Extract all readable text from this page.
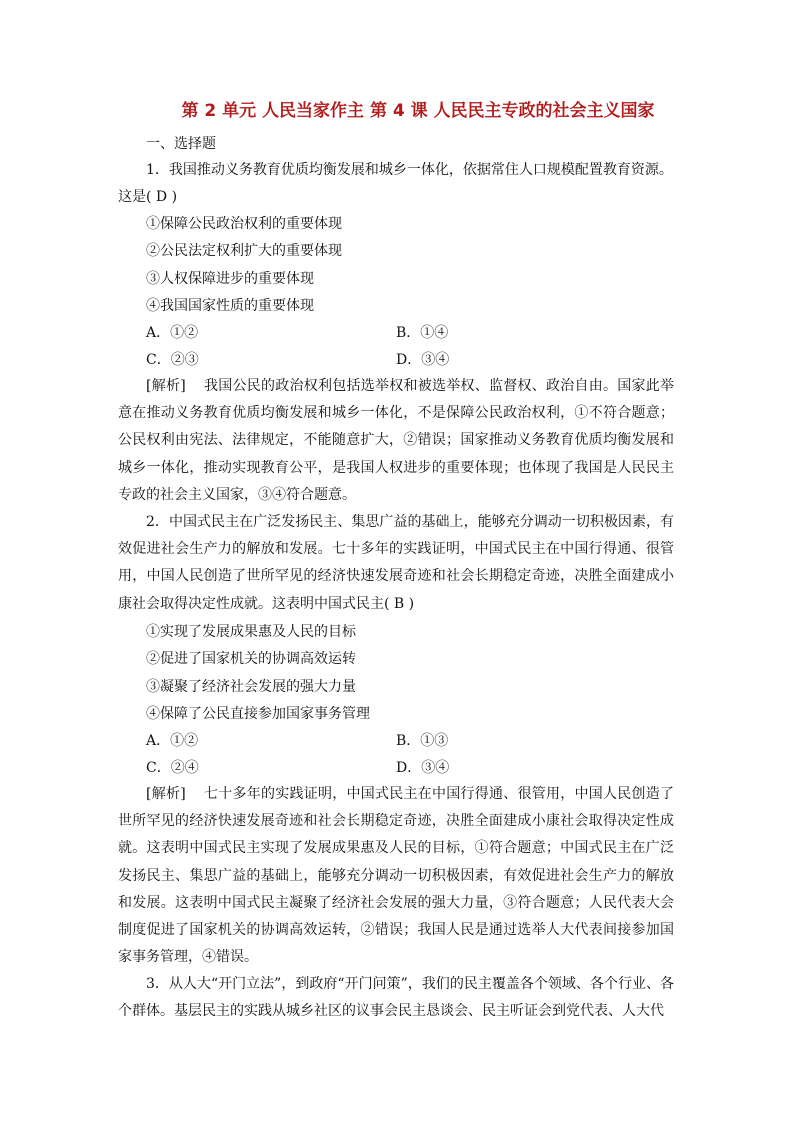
第 2 单元 人民当家作主 第 4 课 人民民主专政的社会主义国家
一、选择题
1．我国推动义务教育优质均衡发展和城乡一体化，依据常住人口规模配置教育资源。
这是( D )
①保障公民政治权利的重要体现
②公民法定权利扩大的重要体现
③人权保障进步的重要体现
④我国国家性质的重要体现
A．①②	B．①④
C．②③	D．③④
[解析] 我国公民的政治权利包括选举权和被选举权、监督权、政治自由。国家此举意在推动义务教育优质均衡发展和城乡一体化，不是保障公民政治权利，①不符合题意；公民权利由宪法、法律规定，不能随意扩大，②错误；国家推动义务教育优质均衡发展和城乡一体化，推动实现教育公平，是我国人权进步的重要体现；也体现了我国是人民民主专政的社会主义国家，③④符合题意。
2．中国式民主在广泛发扬民主、集思广益的基础上，能够充分调动一切积极因素，有效促进社会生产力的解放和发展。七十多年的实践证明，中国式民主在中国行得通、很管用，中国人民创造了世所罕见的经济快速发展奇迹和社会长期稳定奇迹，决胜全面建成小康社会取得决定性成就。这表明中国式民主( B )
①实现了发展成果惠及人民的目标
②促进了国家机关的协调高效运转
③凝聚了经济社会发展的强大力量
④保障了公民直接参加国家事务管理
A．①②	B．①③
C．②④	D．③④
[解析] 七十多年的实践证明，中国式民主在中国行得通、很管用，中国人民创造了世所罕见的经济快速发展奇迹和社会长期稳定奇迹，决胜全面建成小康社会取得决定性成就。这表明中国式民主实现了发展成果惠及人民的目标，①符合题意；中国式民主在广泛发扬民主、集思广益的基础上，能够充分调动一切积极因素，有效促进社会生产力的解放和发展。这表明中国式民主凝聚了经济社会发展的强大力量，③符合题意；人民代表大会制度促进了国家机关的协调高效运转，②错误；我国人民是通过选举人大代表间接参加国家事务管理，④错误。
3．从人大“开门立法”，到政府“开门问策”，我们的民主覆盖各个领域、各个行业、各个群体。基层民主的实践从城乡社区的议事会民主恳谈会、民主听证会到党代表、人大代
